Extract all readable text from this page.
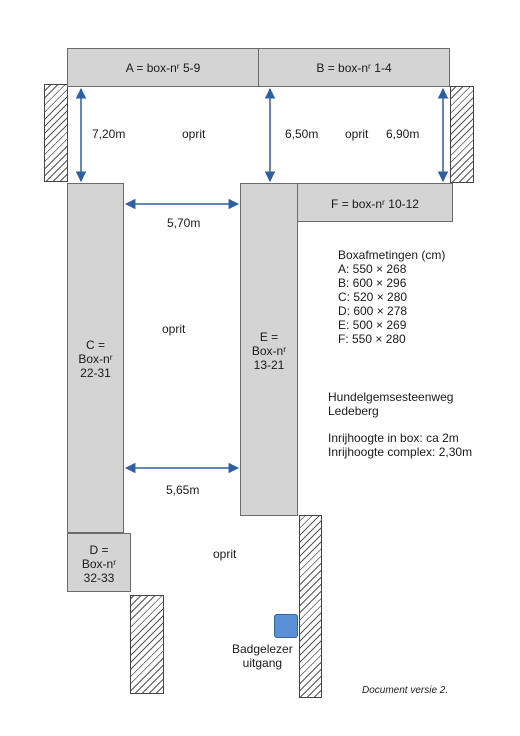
A = box-nʳ 5-9	B = box-nʳ 1-4
F = box-nʳ 10-12
C =
Box-nʳ
22-31
E =
Box-nʳ
13-21
D =
Box-nʳ
32-33
7,20m	6,50m	6,90m
5,70m
5,65m
oprit	oprit
oprit
oprit
Boxafmetingen (cm)
A: 550 × 268
B: 600 × 296
C: 520 × 280
D: 600 × 278
E: 500 × 269
F: 550 × 280
Hundelgemsesteenweg
Ledeberg
Inrijhoogte in box: ca 2m
Inrijhoogte complex: 2,30m
Badgelezer
uitgang
Document versie 2.
